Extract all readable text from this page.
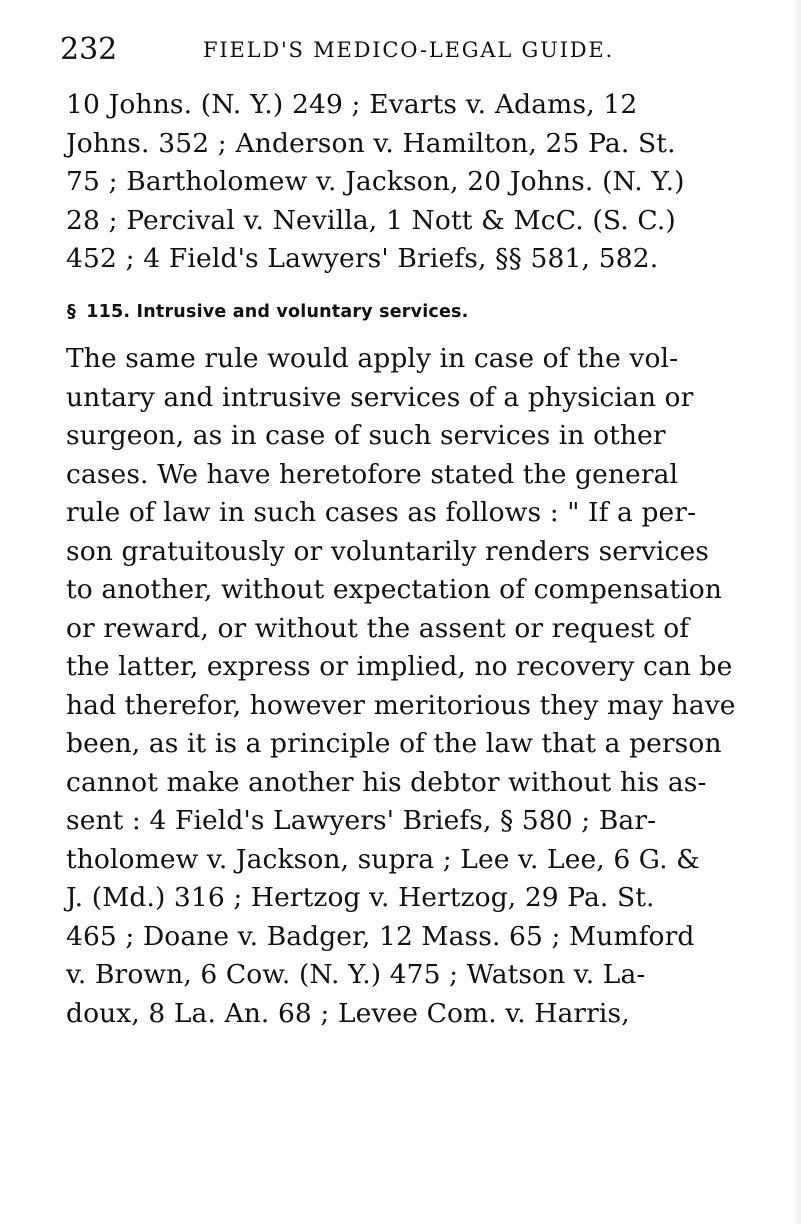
232	FIELD'S MEDICO-LEGAL GUIDE.
10 Johns. (N. Y.) 249 ; Evarts v. Adams, 12
Johns. 352 ; Anderson v. Hamilton, 25 Pa. St.
75 ; Bartholomew v. Jackson, 20 Johns. (N. Y.)
28 ; Percival v. Nevilla, 1 Nott & McC. (S. C.)
452 ; 4 Field's Lawyers' Briefs, §§ 581, 582.
§ 115. Intrusive and voluntary services.
The same rule would apply in case of the vol-
untary and intrusive services of a physician or
surgeon, as in case of such services in other
cases. We have heretofore stated the general
rule of law in such cases as follows : " If a per-
son gratuitously or voluntarily renders services
to another, without expectation of compensation
or reward, or without the assent or request of
the latter, express or implied, no recovery can be
had therefor, however meritorious they may have
been, as it is a principle of the law that a person
cannot make another his debtor without his as-
sent : 4 Field's Lawyers' Briefs, § 580 ; Bar-
tholomew v. Jackson, supra ; Lee v. Lee, 6 G. &
J. (Md.) 316 ; Hertzog v. Hertzog, 29 Pa. St.
465 ; Doane v. Badger, 12 Mass. 65 ; Mumford
v. Brown, 6 Cow. (N. Y.) 475 ; Watson v. La-
doux, 8 La. An. 68 ; Levee Com. v. Harris,
